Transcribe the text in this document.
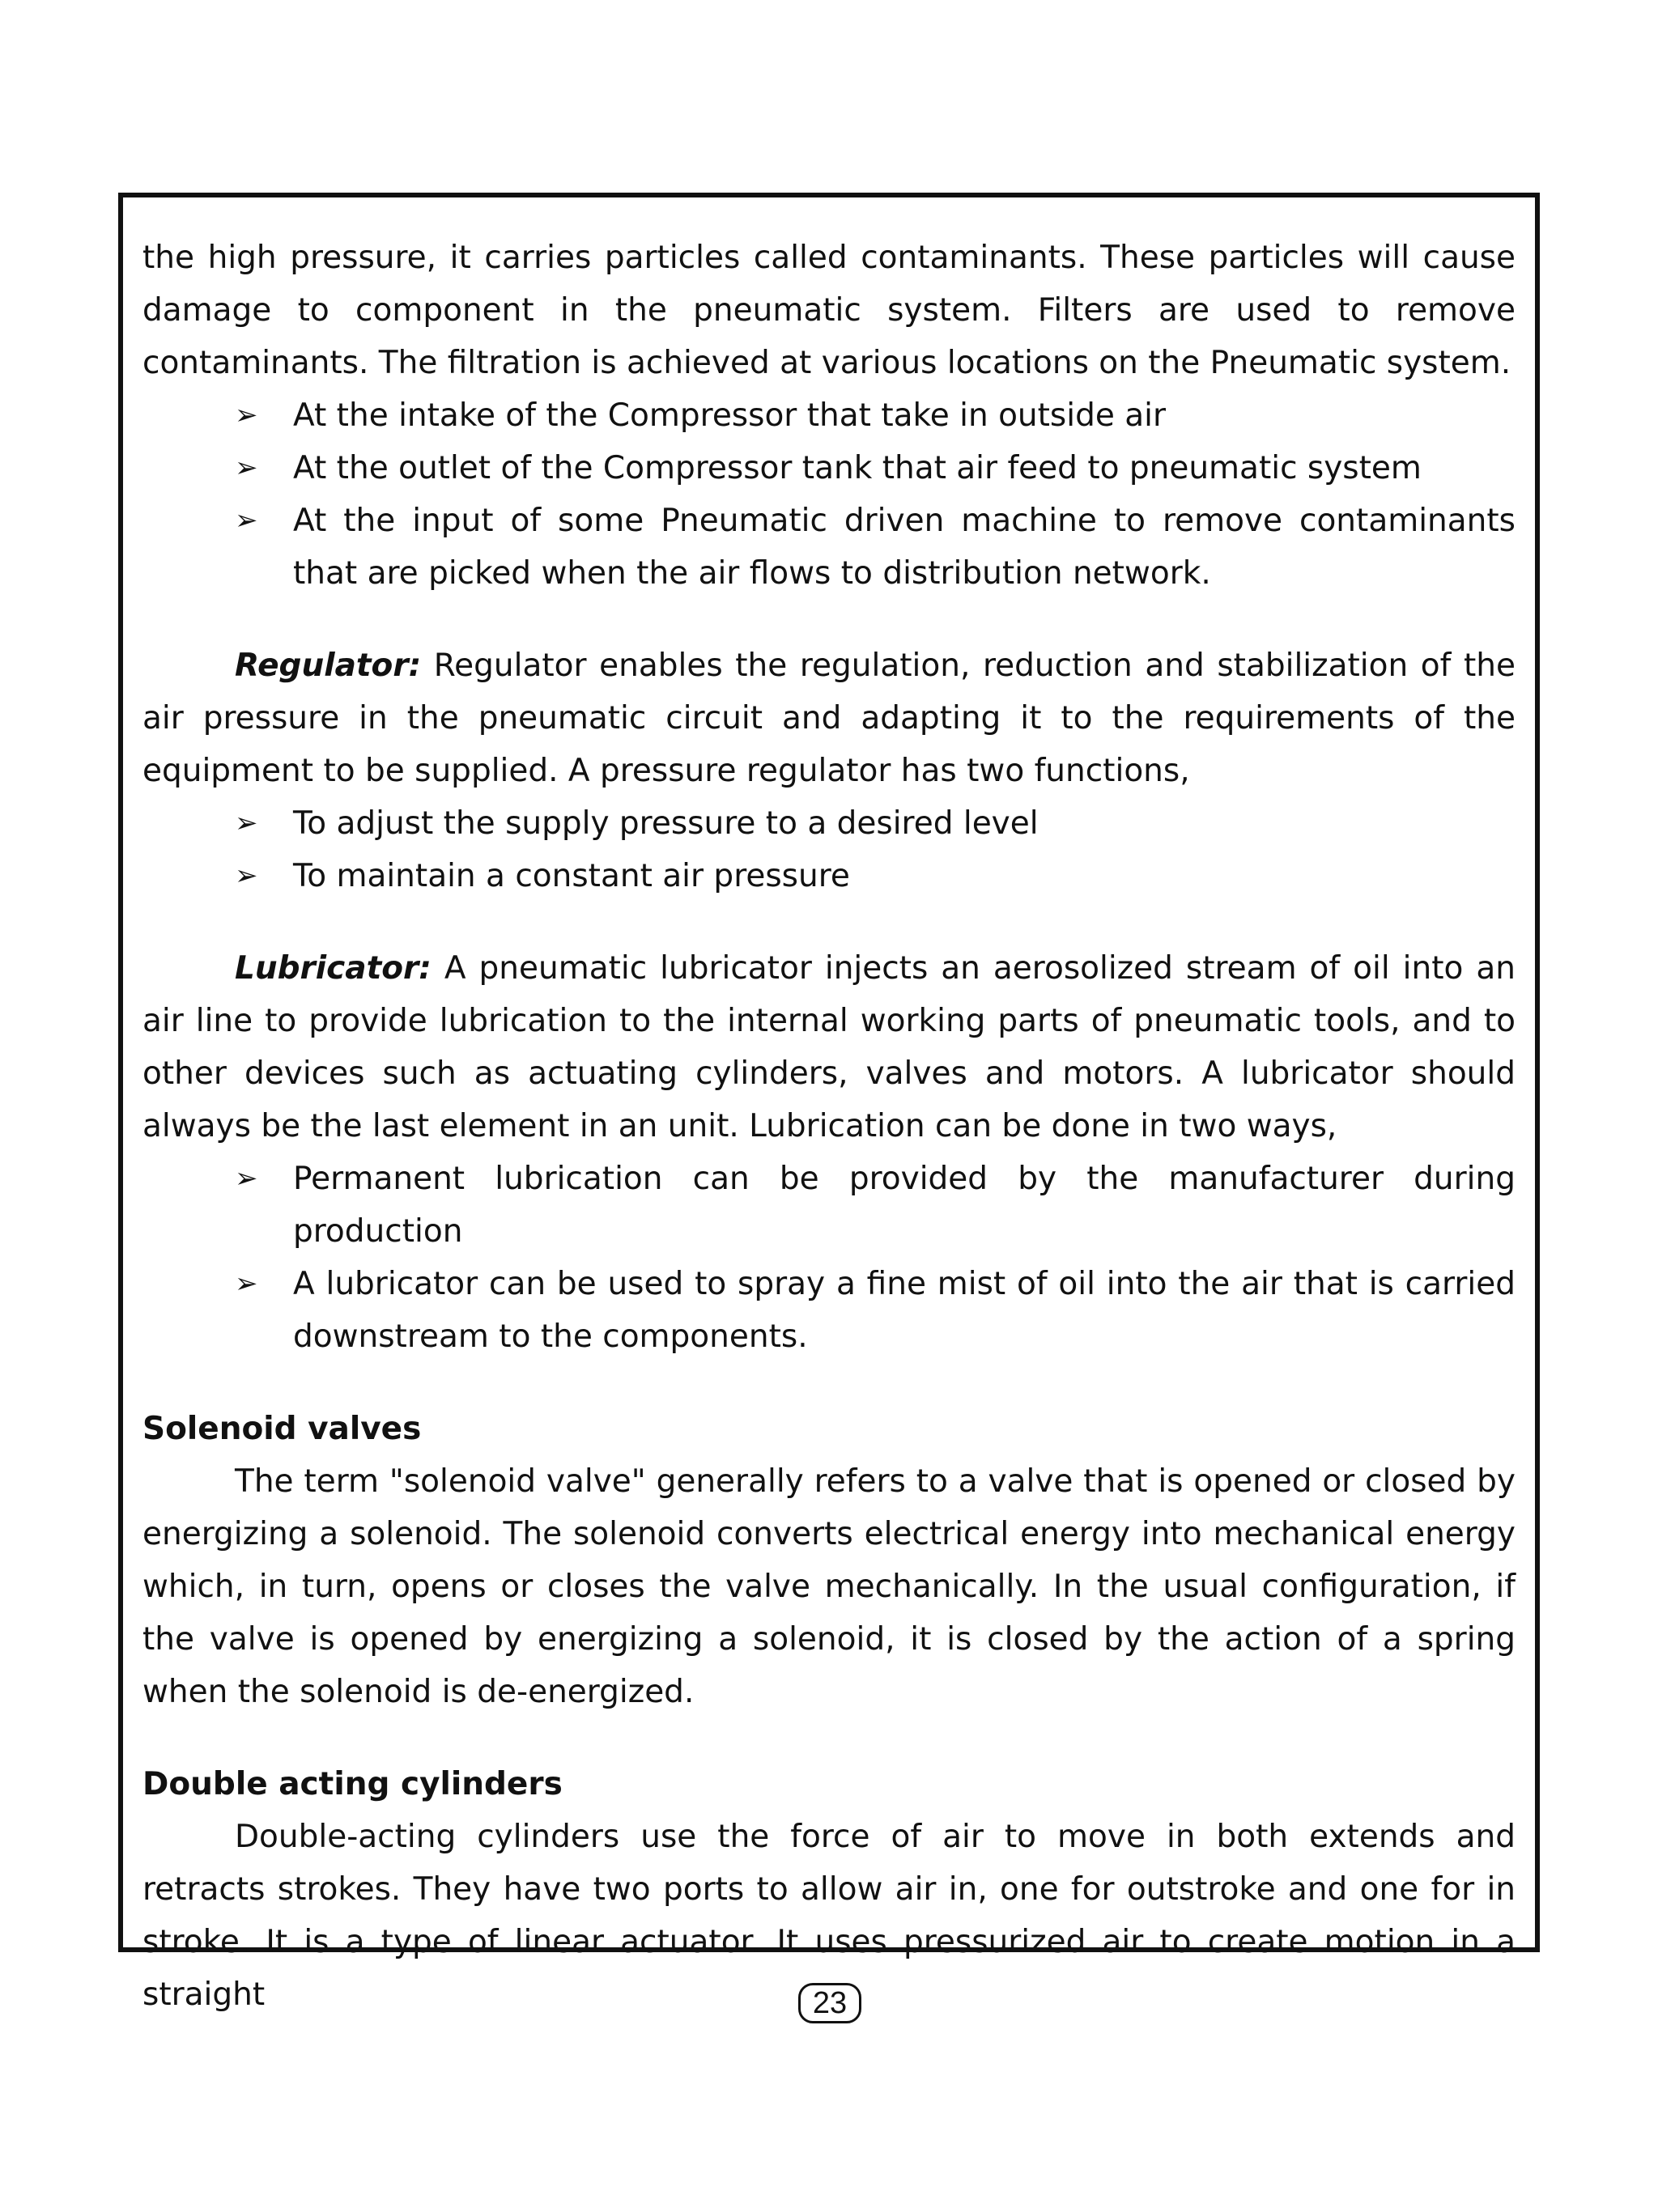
the high pressure, it carries particles called contaminants. These particles will cause damage to component in the pneumatic system. Filters are used to remove contaminants. The filtration is achieved at various locations on the Pneumatic system.

➢ At the intake of the Compressor that take in outside air
➢ At the outlet of the Compressor tank that air feed to pneumatic system
➢ At the input of some Pneumatic driven machine to remove contaminants that are picked when the air flows to distribution network.

Regulator: Regulator enables the regulation, reduction and stabilization of the air pressure in the pneumatic circuit and adapting it to the requirements of the equipment to be supplied. A pressure regulator has two functions,

➢ To adjust the supply pressure to a desired level
➢ To maintain a constant air pressure

Lubricator: A pneumatic lubricator injects an aerosolized stream of oil into an air line to provide lubrication to the internal working parts of pneumatic tools, and to other devices such as actuating cylinders, valves and motors. A lubricator should always be the last element in an unit. Lubrication can be done in two ways,

➢ Permanent lubrication can be provided by the manufacturer during production
➢ A lubricator can be used to spray a fine mist of oil into the air that is carried downstream to the components.

Solenoid valves

The term "solenoid valve" generally refers to a valve that is opened or closed by energizing a solenoid. The solenoid converts electrical energy into mechanical energy which, in turn, opens or closes the valve mechanically. In the usual configuration, if the valve is opened by energizing a solenoid, it is closed by the action of a spring when the solenoid is de-energized.

Double acting cylinders

Double-acting cylinders use the force of air to move in both extends and retracts strokes. They have two ports to allow air in, one for outstroke and one for in stroke. It is a type of linear actuator. It uses pressurized air to create motion in a straight	23
